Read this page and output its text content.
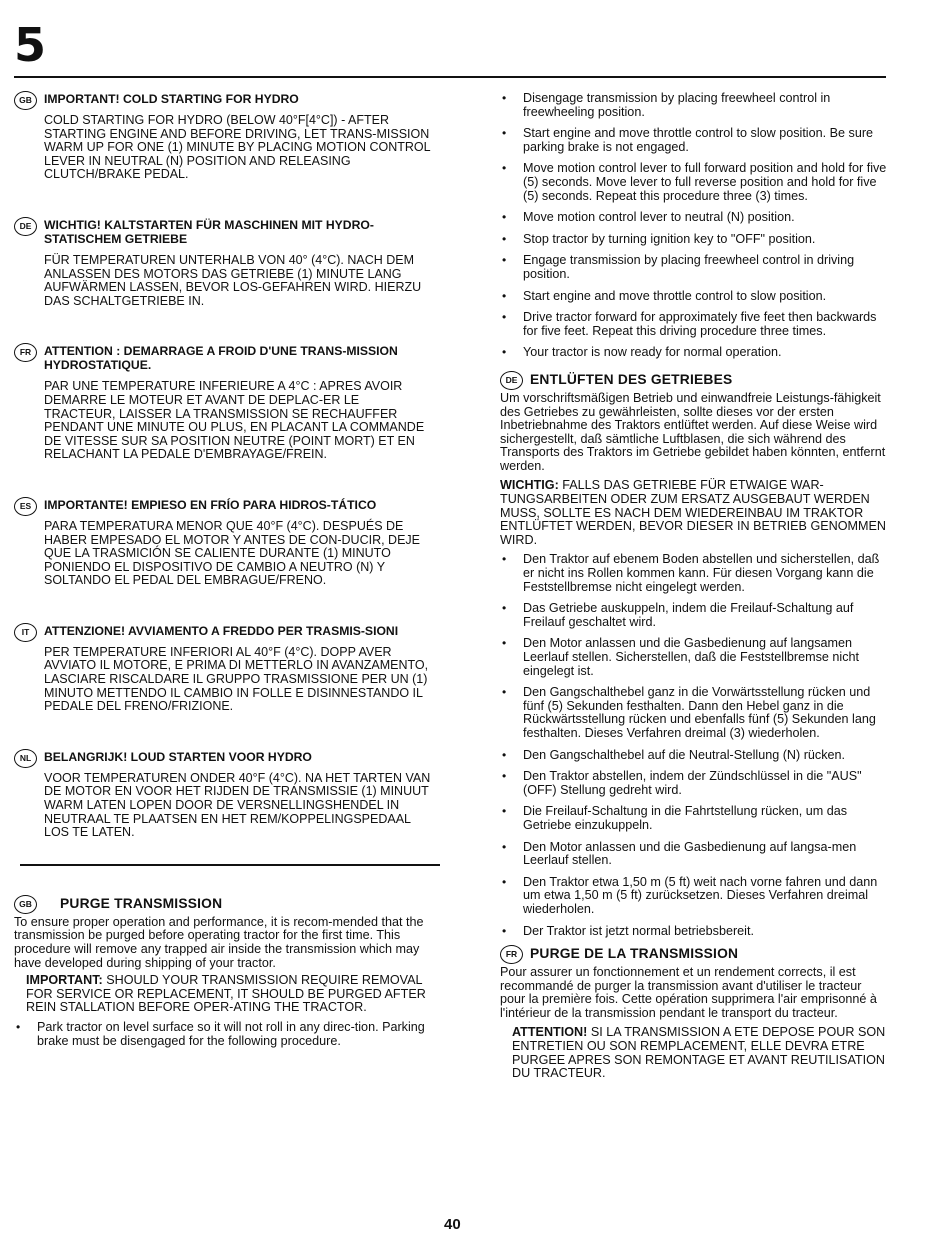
5
GB IMPORTANT! COLD STARTING FOR HYDRO
COLD STARTING FOR HYDRO (BELOW 40°F[4°C]) - AFTER STARTING ENGINE AND BEFORE DRIVING, LET TRANS-MISSION WARM UP FOR ONE (1) MINUTE BY PLACING MOTION CONTROL LEVER IN NEUTRAL (N) POSITION AND RELEASING CLUTCH/BRAKE PEDAL.
DE	WICHTIG! KALTSTARTEN FÜR MASCHINEN MIT HYDRO-STATISCHEM GETRIEBE
FÜR TEMPERATUREN UNTERHALB VON 40° (4°C). NACH DEM ANLASSEN DES MOTORS DAS GETRIEBE (1) MINUTE LANG AUFWÄRMEN LASSEN, BEVOR LOS-GEFAHREN WIRD. HIERZU DAS SCHALTGETRIEBE IN.
FR	ATTENTION : DEMARRAGE A FROID D'UNE TRANS-MISSION HYDROSTATIQUE.
PAR UNE TEMPERATURE INFERIEURE A 4°C : APRES AVOIR DEMARRE LE MOTEUR ET AVANT DE DEPLAC-ER LE TRACTEUR, LAISSER LA TRANSMISSION SE RECHAUFFER PENDANT UNE MINUTE OU PLUS, EN PLACANT LA COMMANDE DE VITESSE SUR SA POSITION NEUTRE (POINT MORT) ET EN RELACHANT LA PEDALE D'EMBRAYAGE/FREIN.
ES	IMPORTANTE! EMPIESO EN FRÍO PARA HIDROS-TÁTICO
PARA TEMPERATURA MENOR QUE 40°F (4°C). DESPUÉS DE HABER EMPESADO EL MOTOR Y ANTES DE CON-DUCIR, DEJE QUE LA TRASMICIÓN SE CALIENTE DURANTE (1) MINUTO PONIENDO EL DISPOSITIVO DE CAMBIO A NEUTRO (N) Y SOLTANDO EL PEDAL DEL EMBRAGUE/FRENO.
IT	ATTENZIONE! AVVIAMENTO A FREDDO PER TRASMIS-SIONI
PER TEMPERATURE INFERIORI AL 40°F (4°C). DOPP AVER AVVIATO IL MOTORE, E PRIMA DI METTERLO IN AVANZAMENTO, LASCIARE RISCALDARE IL GRUPPO TRASMISSIONE PER UN (1) MINUTO METTENDO IL CAMBIO IN FOLLE E DISINNESTANDO IL PEDALE DEL FRENO/FRIZIONE.
NL	BELANGRIJK! LOUD STARTEN VOOR HYDRO
VOOR TEMPERATUREN ONDER 40°F (4°C). NA HET TARTEN VAN DE MOTOR EN VOOR HET RIJDEN DE TRANSMISSIE (1) MINUUT WARM LATEN LOPEN DOOR DE VERSNELLINGSHENDEL IN NEUTRAAL TE PLAATSEN EN HET REM/KOPPELINGSPEDAAL LOS TE LATEN.
GB	PURGE TRANSMISSION

To ensure proper operation and performance, it is recom-mended that the transmission be purged before operating tractor for the first time. This procedure will remove any trapped air inside the transmission which may have developed during shipping of your tractor.

IMPORTANT: SHOULD YOUR TRANSMISSION REQUIRE REMOVAL FOR SERVICE OR REPLACEMENT, IT SHOULD BE PURGED AFTER REIN STALLATION BEFORE OPER-ATING THE TRACTOR.

• Park tractor on level surface so it will not roll in any direc-tion. Parking brake must be disengaged for the following procedure.
• Disengage transmission by placing freewheel control in freewheeling position.
• Start engine and move throttle control to slow position. Be sure parking brake is not engaged.
• Move motion control lever to full forward position and hold for five (5) seconds. Move lever to full reverse position and hold for five (5) seconds. Repeat this procedure three (3) times.
• Move motion control lever to neutral (N) position.
• Stop tractor by turning ignition key to "OFF" position.
• Engage transmission by placing freewheel control in driving position.
• Start engine and move throttle control to slow position.
• Drive tractor forward for approximately five feet then backwards for five feet. Repeat this driving procedure three times.
• Your tractor is now ready for normal operation.
DE ENTLÜFTEN DES GETRIEBES

Um vorschriftsmäßigen Betrieb und einwandfreie Leistungs-fähigkeit des Getriebes zu gewährleisten, sollte dieses vor der ersten Inbetriebnahme des Traktors entlüftet werden. Auf diese Weise wird sichergestellt, daß sämtliche Luftblasen, die sich während des Transports des Traktors im Getriebe gebildet haben könnten, entfernt werden.

WICHTIG: FALLS DAS GETRIEBE FÜR ETWAIGE WAR-TUNGSARBEITEN ODER ZUM ERSATZ AUSGEBAUT WERDEN MUSS, SOLLTE ES NACH DEM WIEDEREINBAU IM TRAKTOR ENTLÜFTET WERDEN, BEVOR DIESER IN BETRIEB GENOMMEN WIRD.

• Den Traktor auf ebenem Boden abstellen und sicherstellen, daß er nicht ins Rollen kommen kann. Für diesen Vorgang kann die Feststellbremse nicht eingelegt werden.
• Das Getriebe auskuppeln, indem die Freilauf-Schaltung auf Freilauf geschaltet wird.
• Den Motor anlassen und die Gasbedienung auf langsamen Leerlauf stellen. Sicherstellen, daß die Feststellbremse nicht eingelegt ist.
• Den Gangschalthebel ganz in die Vorwärtsstellung rücken und fünf (5) Sekunden festhalten. Dann den Hebel ganz in die Rückwärtsstellung rücken und ebenfalls fünf (5) Sekunden lang festhalten. Dieses Verfahren dreimal (3) wiederholen.
• Den Gangschalthebel auf die Neutral-Stellung (N) rücken.
• Den Traktor abstellen, indem der Zündschlüssel in die "AUS" (OFF) Stellung gedreht wird.
• Die Freilauf-Schaltung in die Fahrtstellung rücken, um das Getriebe einzukuppeln.
• Den Motor anlassen und die Gasbedienung auf langsa-men Leerlauf stellen.
• Den Traktor etwa 1,50 m (5 ft) weit nach vorne fahren und dann um etwa 1,50 m (5 ft) zurücksetzen. Dieses Verfahren dreimal wiederholen.
• Der Traktor ist jetzt normal betriebsbereit.
FR PURGE DE LA TRANSMISSION

Pour assurer un fonctionnement et un rendement corrects, il est recommandé de purger la transmission avant d'utiliser le tracteur pour la première fois. Cette opération supprimera l'air emprisonné à l'intérieur de la transmission pendant le transport du tracteur.

ATTENTION! SI LA TRANSMISSION A ETE DEPOSE POUR SON ENTRETIEN OU SON REMPLACEMENT, ELLE DEVRA ETRE PURGEE APRES SON REMONTAGE ET AVANT REUTILISATION DU TRACTEUR.

40
